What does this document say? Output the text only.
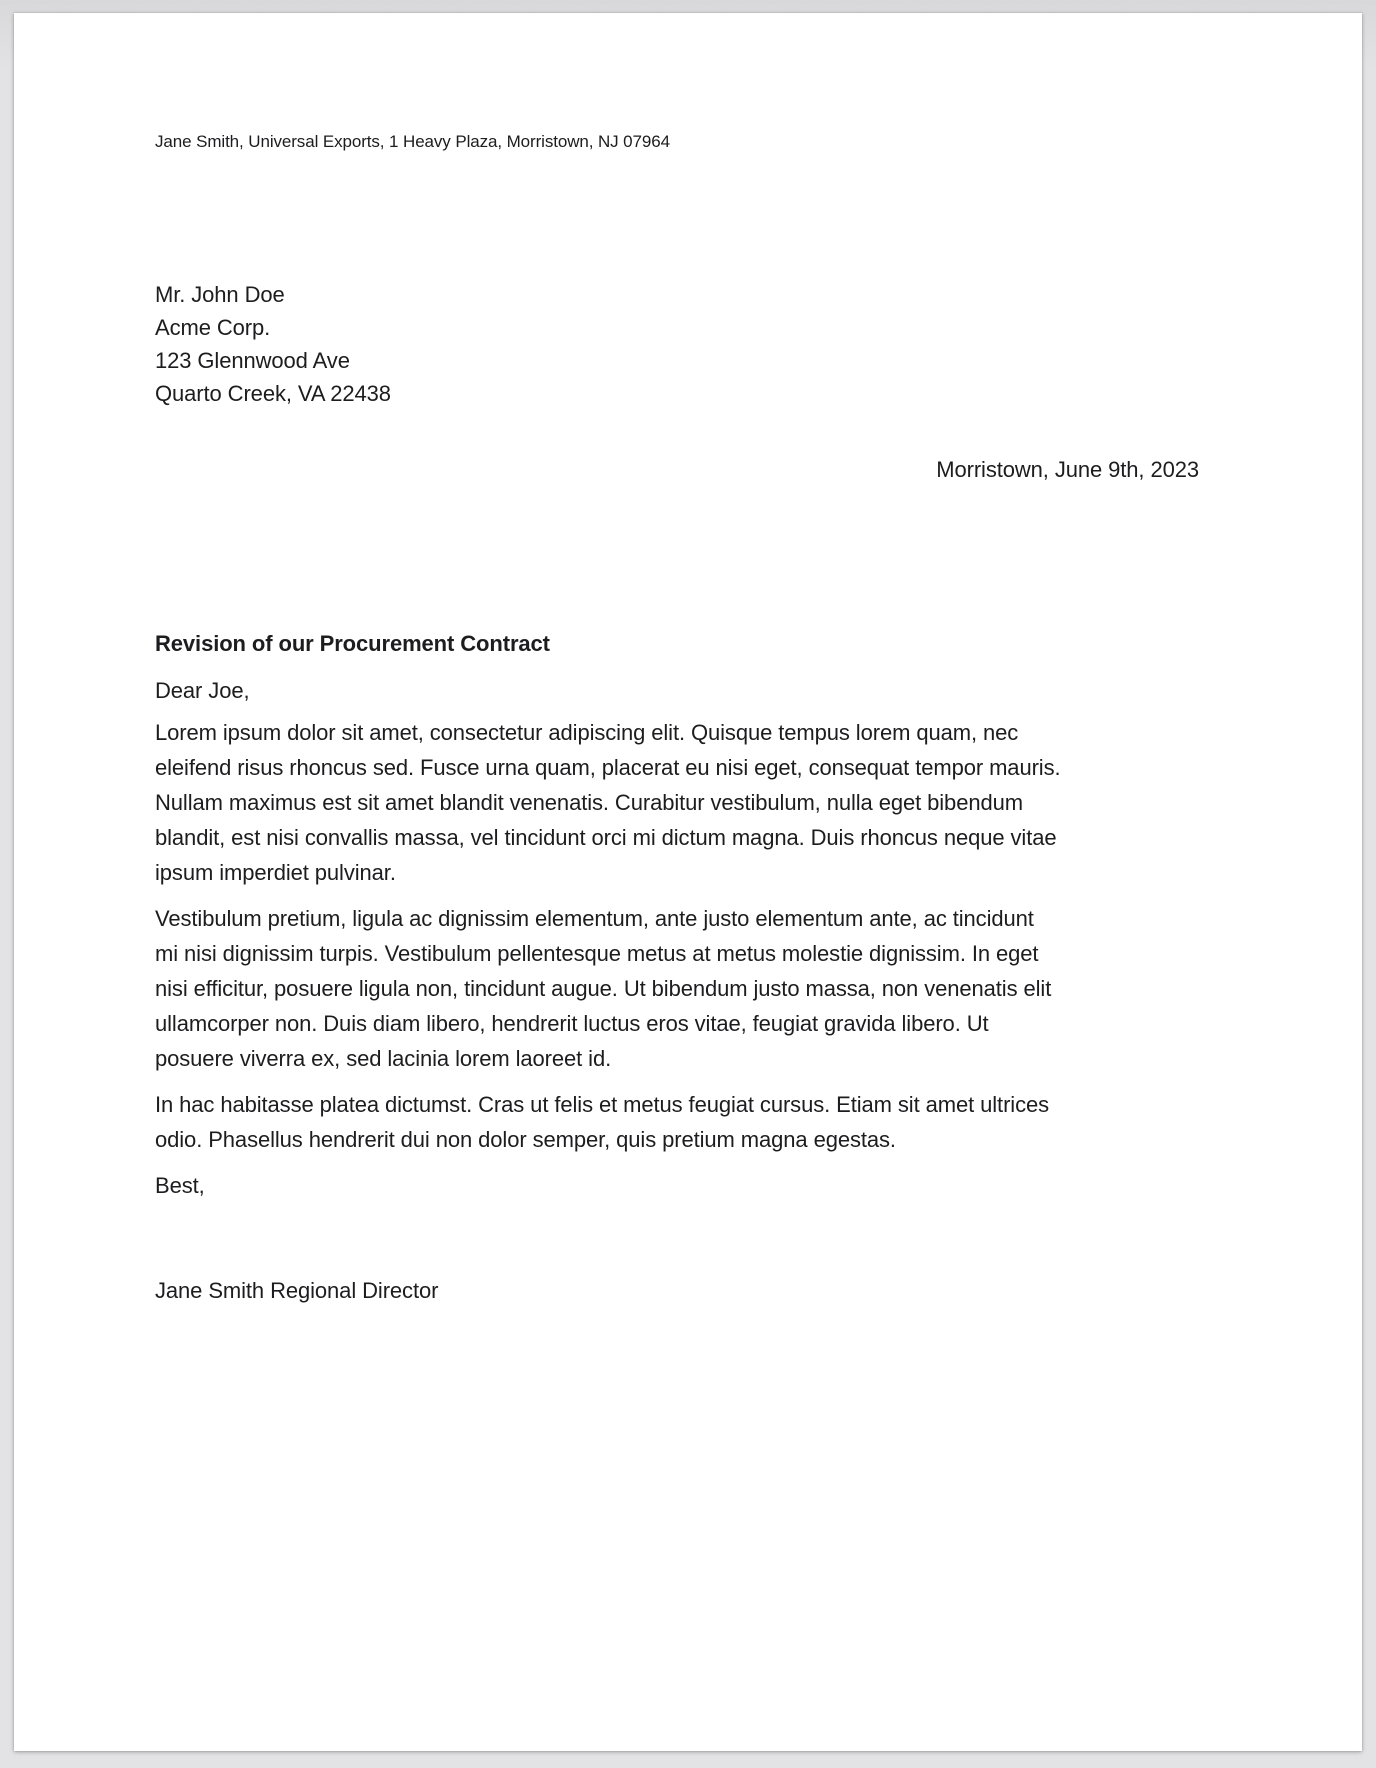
Jane Smith, Universal Exports, 1 Heavy Plaza, Morristown, NJ 07964
Mr. John Doe
Acme Corp.
123 Glennwood Ave
Quarto Creek, VA 22438
Morristown, June 9th, 2023
Revision of our Procurement Contract
Dear Joe,

Lorem ipsum dolor sit amet, consectetur adipiscing elit. Quisque tempus lorem quam, nec eleifend risus rhoncus sed. Fusce urna quam, placerat eu nisi eget, consequat tempor mauris. Nullam maximus est sit amet blandit venenatis. Curabitur vestibulum, nulla eget bibendum blandit, est nisi convallis massa, vel tincidunt orci mi dictum magna. Duis rhoncus neque vitae ipsum imperdiet pulvinar.

Vestibulum pretium, ligula ac dignissim elementum, ante justo elementum ante, ac tincidunt mi nisi dignissim turpis. Vestibulum pellentesque metus at metus molestie dignissim. In eget nisi efficitur, posuere ligula non, tincidunt augue. Ut bibendum justo massa, non venenatis elit ullamcorper non. Duis diam libero, hendrerit luctus eros vitae, feugiat gravida libero. Ut posuere viverra ex, sed lacinia lorem laoreet id.

In hac habitasse platea dictumst. Cras ut felis et metus feugiat cursus. Etiam sit amet ultrices odio. Phasellus hendrerit dui non dolor semper, quis pretium magna egestas.

Best,
Jane Smith Regional Director
